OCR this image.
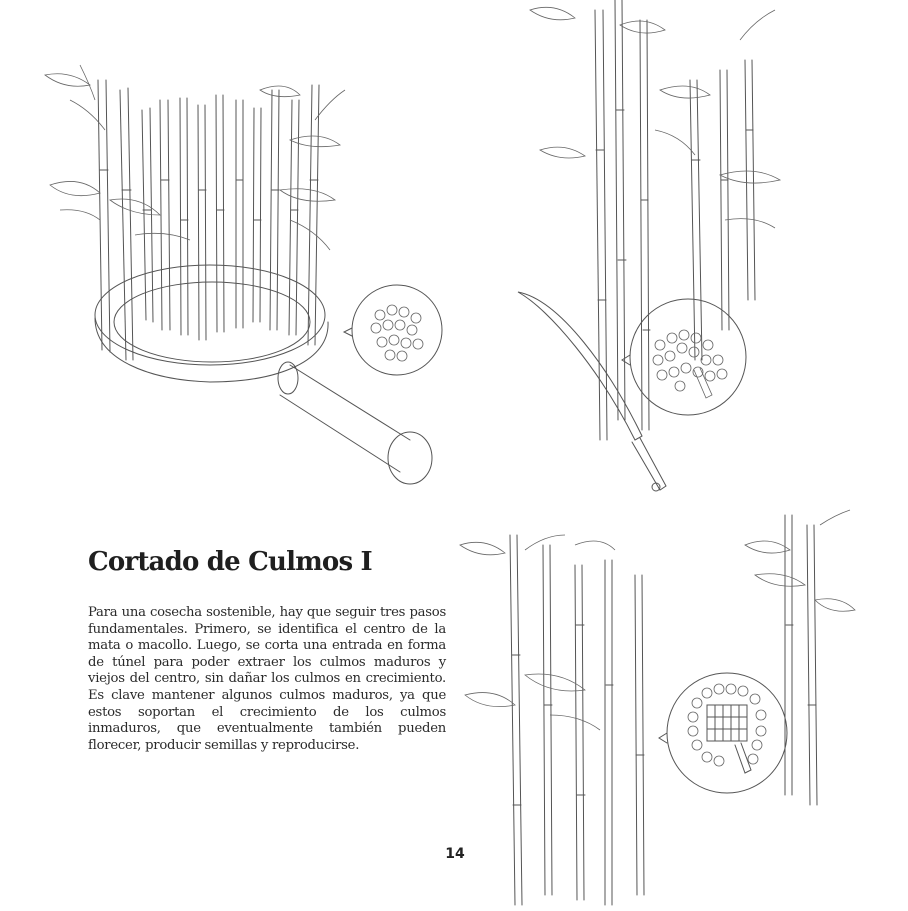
Cortado de Culmos I

Para una cosecha sostenible, hay que seguir tres pasos fundamentales. Primero, se identifica el centro de la mata o macollo. Luego, se corta una entrada en forma de túnel para poder extraer los culmos maduros y viejos del centro, sin dañar los culmos en crecimiento. Es clave mantener algunos culmos maduros, ya que estos soportan el crecimiento de los culmos inmaduros, que eventualmente también pueden florecer, producir semillas y reproducirse.

14
